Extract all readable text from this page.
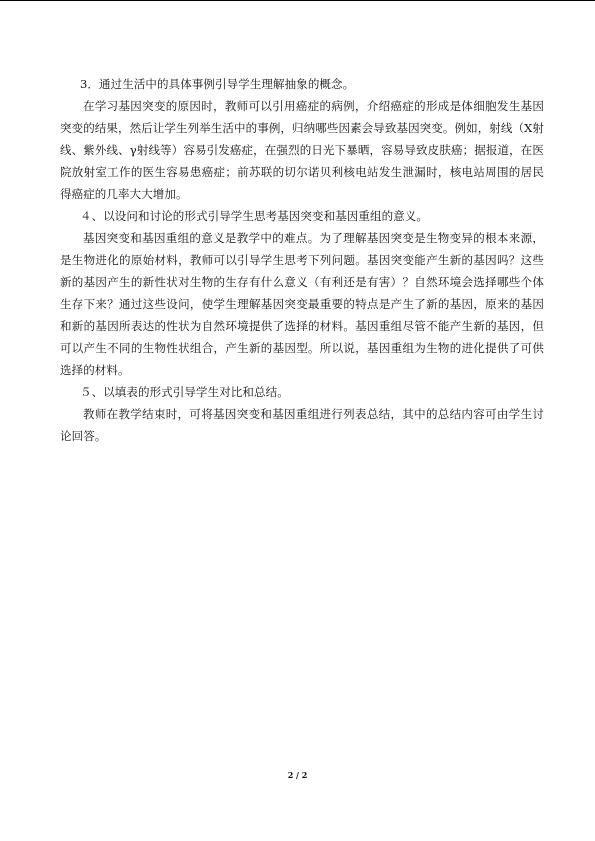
3．通过生活中的具体事例引导学生理解抽象的概念。

在学习基因突变的原因时，教师可以引用癌症的病例，介绍癌症的形成是体细胞发生基因突变的结果，然后让学生列举生活中的事例，归纳哪些因素会导致基因突变。例如，射线（X射线、紫外线、γ射线等）容易引发癌症，在强烈的日光下暴晒，容易导致皮肤癌；据报道，在医院放射室工作的医生容易患癌症；前苏联的切尔诺贝利核电站发生泄漏时，核电站周围的居民得癌症的几率大大增加。

４、以设问和讨论的形式引导学生思考基因突变和基因重组的意义。

基因突变和基因重组的意义是教学中的难点。为了理解基因突变是生物变异的根本来源，是生物进化的原始材料，教师可以引导学生思考下列问题。基因突变能产生新的基因吗？这些新的基因产生的新性状对生物的生存有什么意义（有利还是有害）？自然环境会选择哪些个体生存下来？通过这些设问，使学生理解基因突变最重要的特点是产生了新的基因，原来的基因和新的基因所表达的性状为自然环境提供了选择的材料。基因重组尽管不能产生新的基因，但可以产生不同的生物性状组合，产生新的基因型。所以说，基因重组为生物的进化提供了可供选择的材料。

５、以填表的形式引导学生对比和总结。

教师在教学结束时，可将基因突变和基因重组进行列表总结，其中的总结内容可由学生讨论回答。

2 / 2
